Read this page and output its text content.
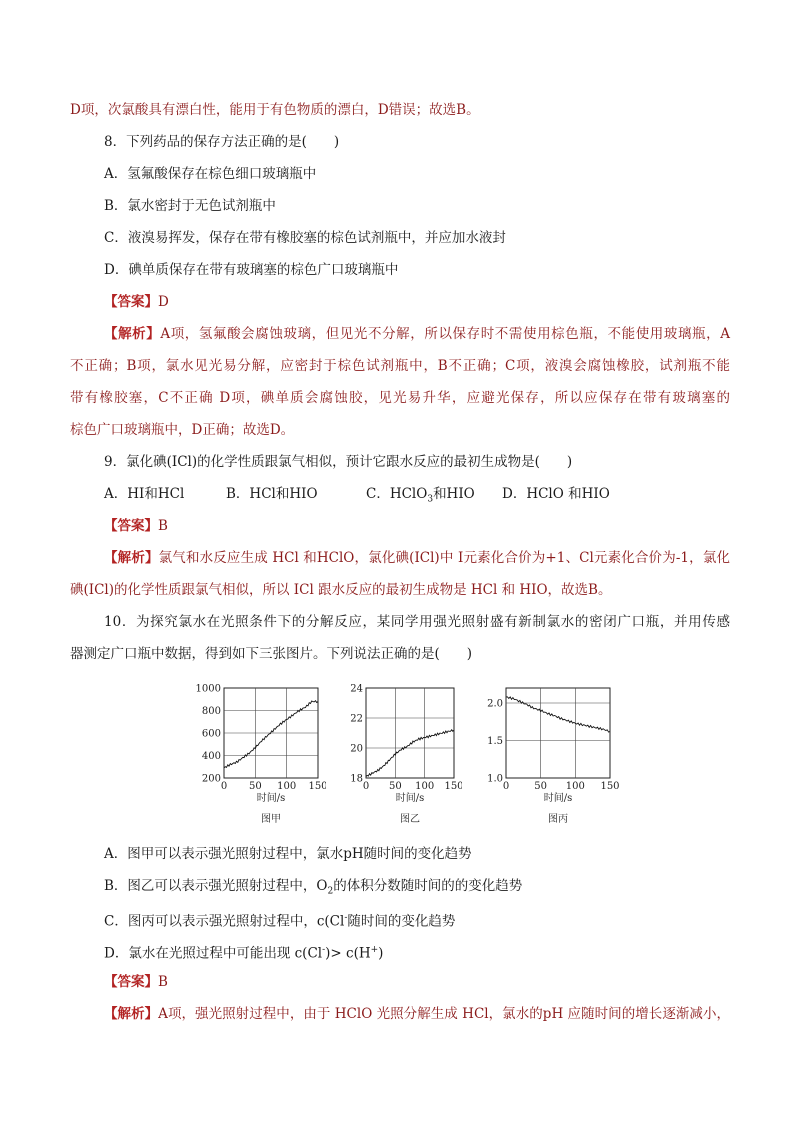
D项，次氯酸具有漂白性，能用于有色物质的漂白，D错误；故选B。
8．下列药品的保存方法正确的是(　　)
A．氢氟酸保存在棕色细口玻璃瓶中
B．氯水密封于无色试剂瓶中
C．液溴易挥发，保存在带有橡胶塞的棕色试剂瓶中，并应加水液封
D．碘单质保存在带有玻璃塞的棕色广口玻璃瓶中
【答案】D
【解析】A项，氢氟酸会腐蚀玻璃，但见光不分解，所以保存时不需使用棕色瓶，不能使用玻璃瓶，A
不正确；B项，氯水见光易分解，应密封于棕色试剂瓶中，B不正确；C项，液溴会腐蚀橡胶，试剂瓶不能
带有橡胶塞，C不正确 D项，碘单质会腐蚀胶，见光易升华，应避光保存，所以应保存在带有玻璃塞的
棕色广口玻璃瓶中，D正确；故选D。
9．氯化碘(ICl)的化学性质跟氯气相似，预计它跟水反应的最初生成物是(　　)
A．HI和HCl	B．HCl和HIO	C．HClO$_3$和HIO D．HClO 和HIO
【答案】B
【解析】氯气和水反应生成 HCl 和HClO，氯化碘(ICl)中 I元素化合价为+1、Cl元素化合价为-1，氯化
碘(ICl)的化学性质跟氯气相似，所以 ICl 跟水反应的最初生成物是 HCl 和 HIO，故选B。
10．为探究氯水在光照条件下的分解反应，某同学用强光照射盛有新制氯水的密闭广口瓶，并用传感
器测定广口瓶中数据，得到如下三张图片。下列说法正确的是(　　)
0 50 100 150
200
400
600
800
1000
时间/s
图甲
0 50 100 150
18
20
22
24
时间/s
图乙
0	50 100 150
1.0
1.5
2.0
时间/s
图丙
A．图甲可以表示强光照射过程中，氯水pH随时间的变化趋势
B．图乙可以表示强光照射过程中，$O_2$的体积分数随时间的的变化趋势
C．图丙可以表示强光照射过程中，c(Cl-随时间的变化趋势
D．氯水在光照过程中可能出现 c(Cl-)> c(H+)
【答案】B
【解析】A项，强光照射过程中，由于 HClO 光照分解生成 HCl，氯水的pH 应随时间的增长逐渐减小，
